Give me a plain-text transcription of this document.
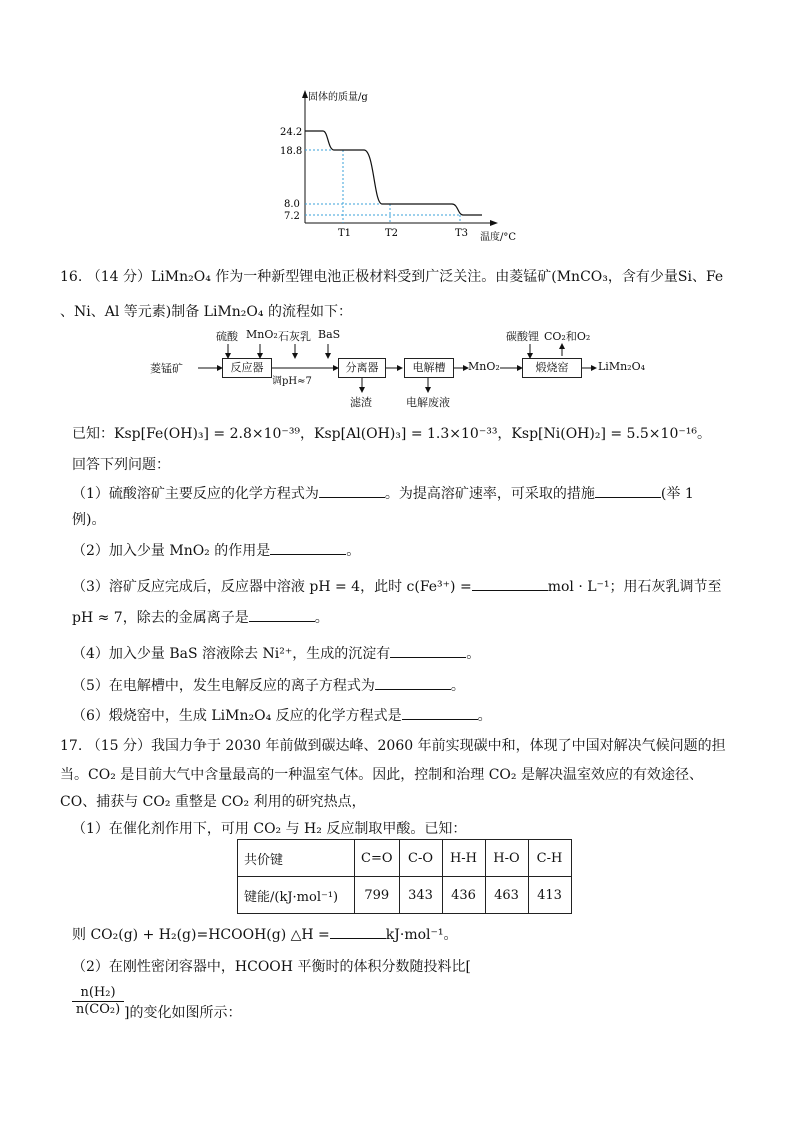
固体的质量/g
温度/°C
24.2
18.8
8.0
7.2
T1	T2	T3
16. （14 分）LiMn₂O₄ 作为一种新型锂电池正极材料受到广泛关注。由菱锰矿(MnCO₃，含有少量Si、Fe
、Ni、Al 等元素)制备 LiMn₂O₄ 的流程如下：
菱锰矿
硫酸 MnO₂ 石灰乳 BaS
反应器
调pH≈7
分离器
滤渣
电解槽
电解废液
MnO₂
碳酸锂 CO₂和O₂
煅烧窑	LiMn₂O₄
已知：Ksp[Fe(OH)₃] = 2.8×10⁻³⁹，Ksp[Al(OH)₃] = 1.3×10⁻³³，Ksp[Ni(OH)₂] = 5.5×10⁻¹⁶。
回答下列问题：
（1）硫酸溶矿主要反应的化学方程式为	。为提高溶矿速率，可采取的措施	(举 1
例)。
（2）加入少量 MnO₂ 的作用是	。
（3）溶矿反应完成后，反应器中溶液 pH = 4，此时 c(Fe³⁺) =	mol · L⁻¹；用石灰乳调节至
pH ≈ 7，除去的金属离子是	。
（4）加入少量 BaS 溶液除去 Ni²⁺，生成的沉淀有	。
（5）在电解槽中，发生电解反应的离子方程式为	。
（6）煅烧窑中，生成 LiMn₂O₄ 反应的化学方程式是	。
17. （15 分）我国力争于 2030 年前做到碳达峰、2060 年前实现碳中和，体现了中国对解决气候问题的担
当。CO₂ 是目前大气中含量最高的一种温室气体。因此，控制和治理 CO₂ 是解决温室效应的有效途径、
CO、捕获与 CO₂ 重整是 CO₂ 利用的研究热点，
（1）在催化剂作用下，可用 CO₂ 与 H₂ 反应制取甲酸。已知：
共价键	C=O	C-O	H-H	H-O	C-H
键能/(kJ·mol⁻¹)	799	343	436	463	413
则 CO₂(g) + H₂(g)=HCOOH(g) △H =	kJ·mol⁻¹。
（2）在刚性密闭容器中，HCOOH 平衡时的体积分数随投料比[
$\frac{\text{n(H₂)}}{\text{n(CO₂)}}$ ]的变化如图所示：
